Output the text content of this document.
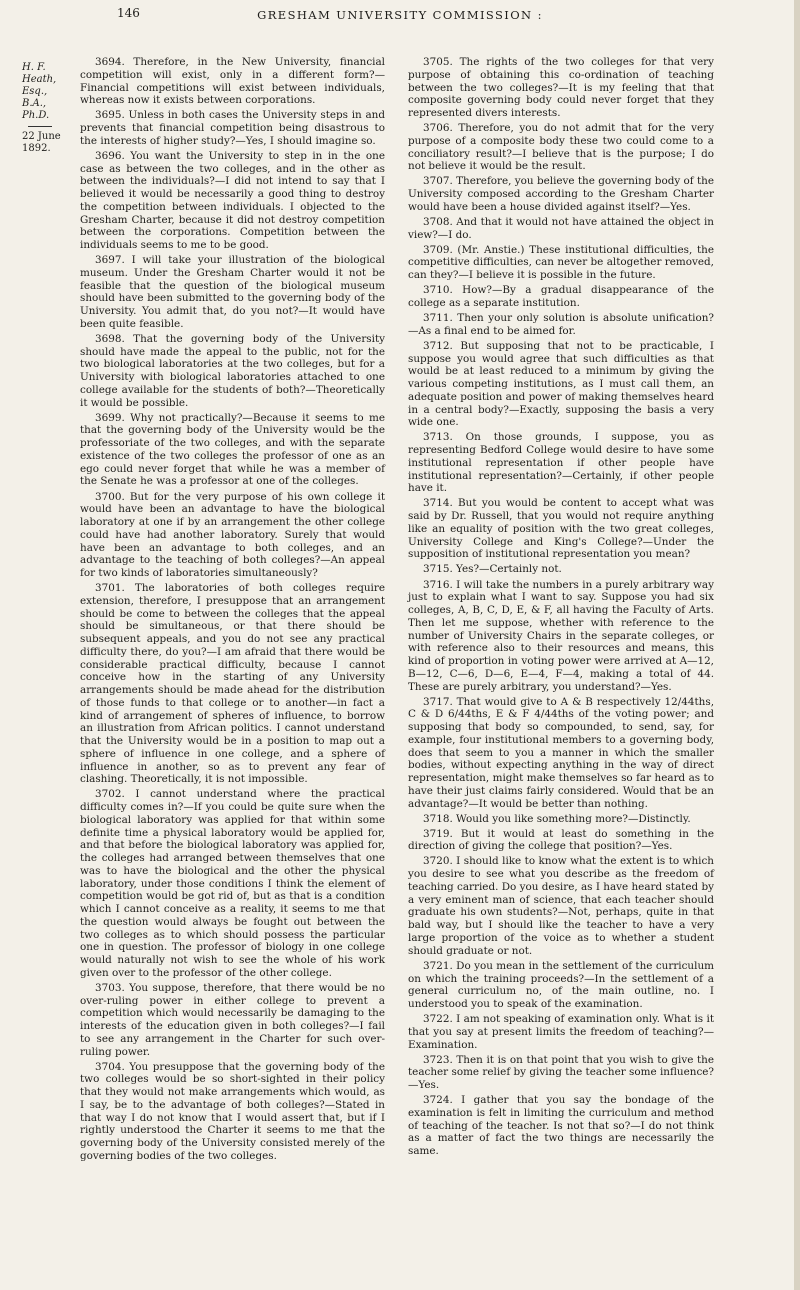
146	GRESHAM UNIVERSITY COMMISSION :
H. F. Heath, Esq., B.A., Ph.D.
22 June 1892.

3694. Therefore, in the New University, financial competition will exist, only in a different form?— Financial competitions will exist between individuals, whereas now it exists between corporations.

3695. Unless in both cases the University steps in and prevents that financial competition being disastrous to the interests of higher study?—Yes, I should imagine so.

3696. You want the University to step in in the one case as between the two colleges, and in the other as between the individuals?—I did not intend to say that I believed it would be necessarily a good thing to destroy the competition between individuals. I objected to the Gresham Charter, because it did not destroy competition between the corporations. Competition between the individuals seems to me to be good.

3697. I will take your illustration of the biological museum. Under the Gresham Charter would it not be feasible that the question of the biological museum should have been submitted to the governing body of the University. You admit that, do you not?—It would have been quite feasible.

3698. That the governing body of the University should have made the appeal to the public, not for the two biological laboratories at the two colleges, but for a University with biological laboratories attached to one college available for the students of both?—Theoretically it would be possible.

3699. Why not practically?—Because it seems to me that the governing body of the University would be the professoriate of the two colleges, and with the separate existence of the two colleges the professor of one as an ego could never forget that while he was a member of the Senate he was a professor at one of the colleges.

3700. But for the very purpose of his own college it would have been an advantage to have the biological laboratory at one if by an arrangement the other college could have had another laboratory. Surely that would have been an advantage to both colleges, and an advantage to the teaching of both colleges?—An appeal for two kinds of laboratories simultaneously?

3701. The laboratories of both colleges require extension, therefore, I presuppose that an arrangement should be come to between the colleges that the appeal should be simultaneous, or that there should be subsequent appeals, and you do not see any practical difficulty there, do you?—I am afraid that there would be considerable practical difficulty, because I cannot conceive how in the starting of any University arrangements should be made ahead for the distribution of those funds to that college or to another—in fact a kind of arrangement of spheres of influence, to borrow an illustration from African politics. I cannot understand that the University would be in a position to map out a sphere of influence in one college, and a sphere of influence in another, so as to prevent any fear of clashing. Theoretically, it is not impossible.

3702. I cannot understand where the practical difficulty comes in?—If you could be quite sure when the biological laboratory was applied for that within some definite time a physical laboratory would be applied for, and that before the biological laboratory was applied for, the colleges had arranged between themselves that one was to have the biological and the other the physical laboratory, under those conditions I think the element of competition would be got rid of, but as that is a condition which I cannot conceive as a reality, it seems to me that the question would always be fought out between the two colleges as to which should possess the particular one in question. The professor of biology in one college would naturally not wish to see the whole of his work given over to the professor of the other college.

3703. You suppose, therefore, that there would be no over-ruling power in either college to prevent a competition which would necessarily be damaging to the interests of the education given in both colleges?—I fail to see any arrangement in the Charter for such over-ruling power.

3704. You presuppose that the governing body of the two colleges would be so short-sighted in their policy that they would not make arrangements which would, as I say, be to the advantage of both colleges?—Stated in that way I do not know that I would assert that, but if I rightly understood the Charter it seems to me that the governing body of the University consisted merely of the governing bodies of the two colleges.

3705. The rights of the two colleges for that very purpose of obtaining this co-ordination of teaching between the two colleges?—It is my feeling that that composite governing body could never forget that they represented divers interests.

3706. Therefore, you do not admit that for the very purpose of a composite body these two could come to a conciliatory result?—I believe that is the purpose; I do not believe it would be the result.

3707. Therefore, you believe the governing body of the University composed according to the Gresham Charter would have been a house divided against itself?—Yes.

3708. And that it would not have attained the object in view?—I do.

3709. (Mr. Anstie.) These institutional difficulties, the competitive difficulties, can never be altogether removed, can they?—I believe it is possible in the future.

3710. How?—By a gradual disappearance of the college as a separate institution.

3711. Then your only solution is absolute unification?—As a final end to be aimed for.

3712. But supposing that not to be practicable, I suppose you would agree that such difficulties as that would be at least reduced to a minimum by giving the various competing institutions, as I must call them, an adequate position and power of making themselves heard in a central body?—Exactly, supposing the basis a very wide one.

3713. On those grounds, I suppose, you as representing Bedford College would desire to have some institutional representation if other people have institutional representation?—Certainly, if other people have it.

3714. But you would be content to accept what was said by Dr. Russell, that you would not require anything like an equality of position with the two great colleges, University College and King's College?—Under the supposition of institutional representation you mean?

3715. Yes?—Certainly not.

3716. I will take the numbers in a purely arbitrary way just to explain what I want to say. Suppose you had six colleges, A, B, C, D, E, & F, all having the Faculty of Arts. Then let me suppose, whether with reference to the number of University Chairs in the separate colleges, or with reference also to their resources and means, this kind of proportion in voting power were arrived at A—12, B—12, C—6, D—6, E—4, F—4, making a total of 44. These are purely arbitrary, you understand?—Yes.

3717. That would give to A & B respectively 12/44ths, C & D 6/44ths, E & F 4/44ths of the voting power; and supposing that body so compounded, to send, say, for example, four institutional members to a governing body, does that seem to you a manner in which the smaller bodies, without expecting anything in the way of direct representation, might make themselves so far heard as to have their just claims fairly considered. Would that be an advantage?—It would be better than nothing.

3718. Would you like something more?—Distinctly.

3719. But it would at least do something in the direction of giving the college that position?—Yes.

3720. I should like to know what the extent is to which you desire to see what you describe as the freedom of teaching carried. Do you desire, as I have heard stated by a very eminent man of science, that each teacher should graduate his own students?—Not, perhaps, quite in that bald way, but I should like the teacher to have a very large proportion of the voice as to whether a student should graduate or not.

3721. Do you mean in the settlement of the curriculum on which the training proceeds?—In the settlement of a general curriculum no, of the main outline, no. I understood you to speak of the examination.

3722. I am not speaking of examination only. What is it that you say at present limits the freedom of teaching?—Examination.

3723. Then it is on that point that you wish to give the teacher some relief by giving the teacher some influence?—Yes.

3724. I gather that you say the bondage of the examination is felt in limiting the curriculum and method of teaching of the teacher. Is not that so?—I do not think as a matter of fact the two things are necessarily the same.
